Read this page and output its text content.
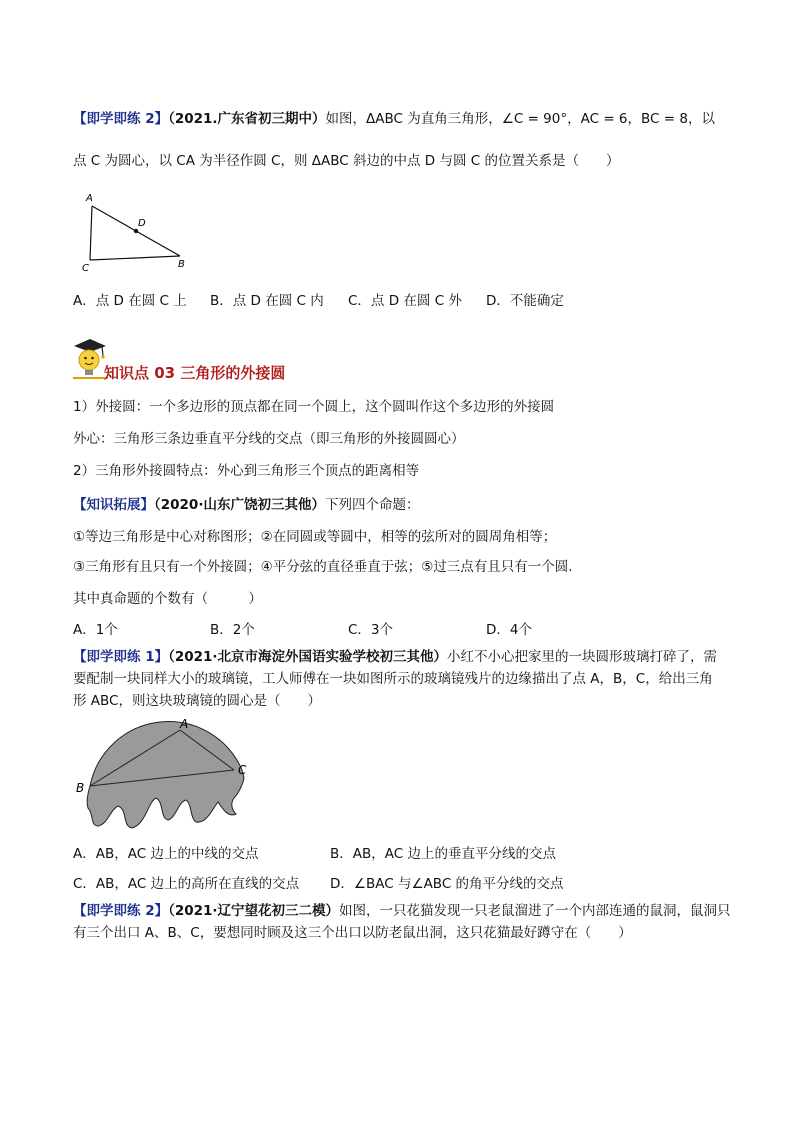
【即学即练 2】（2021.广东省初三期中）如图，ΔABC 为直角三角形，∠C = 90°，AC = 6，BC = 8，以
点 C 为圆心，以 CA 为半径作圆 C，则 ΔABC 斜边的中点 D 与圆 C 的位置关系是（　　）
A
D
C	B
A．点 D 在圆 C 上 B．点 D 在圆 C 内 C．点 D 在圆 C 外 D．不能确定
知识点 03 三角形的外接圆
1）外接圆：一个多边形的顶点都在同一个圆上，这个圆叫作这个多边形的外接圆
外心：三角形三条边垂直平分线的交点（即三角形的外接圆圆心）
2）三角形外接圆特点：外心到三角形三个顶点的距离相等
【知识拓展】（2020·山东广饶初三其他）下列四个命题：
①等边三角形是中心对称图形；②在同圆或等圆中，相等的弦所对的圆周角相等；
③三角形有且只有一个外接圆；④平分弦的直径垂直于弦；⑤过三点有且只有一个圆.
其中真命题的个数有（　　　）
A．1个	B．2个	C．3个	D．4个
【即学即练 1】（2021·北京市海淀外国语实验学校初三其他）小红不小心把家里的一块圆形玻璃打碎了，需
要配制一块同样大小的玻璃镜，工人师傅在一块如图所示的玻璃镜残片的边缘描出了点 A，B，C，给出三角
形 ABC，则这块玻璃镜的圆心是（　　）
A
B
C
A．AB，AC 边上的中线的交点	B．AB，AC 边上的垂直平分线的交点
C．AB，AC 边上的高所在直线的交点 D．∠BAC 与∠ABC 的角平分线的交点
【即学即练 2】（2021·辽宁望花初三二模）如图，一只花猫发现一只老鼠溜进了一个内部连通的鼠洞，鼠洞只
有三个出口 A、B、C，要想同时顾及这三个出口以防老鼠出洞，这只花猫最好蹲守在（　　）
